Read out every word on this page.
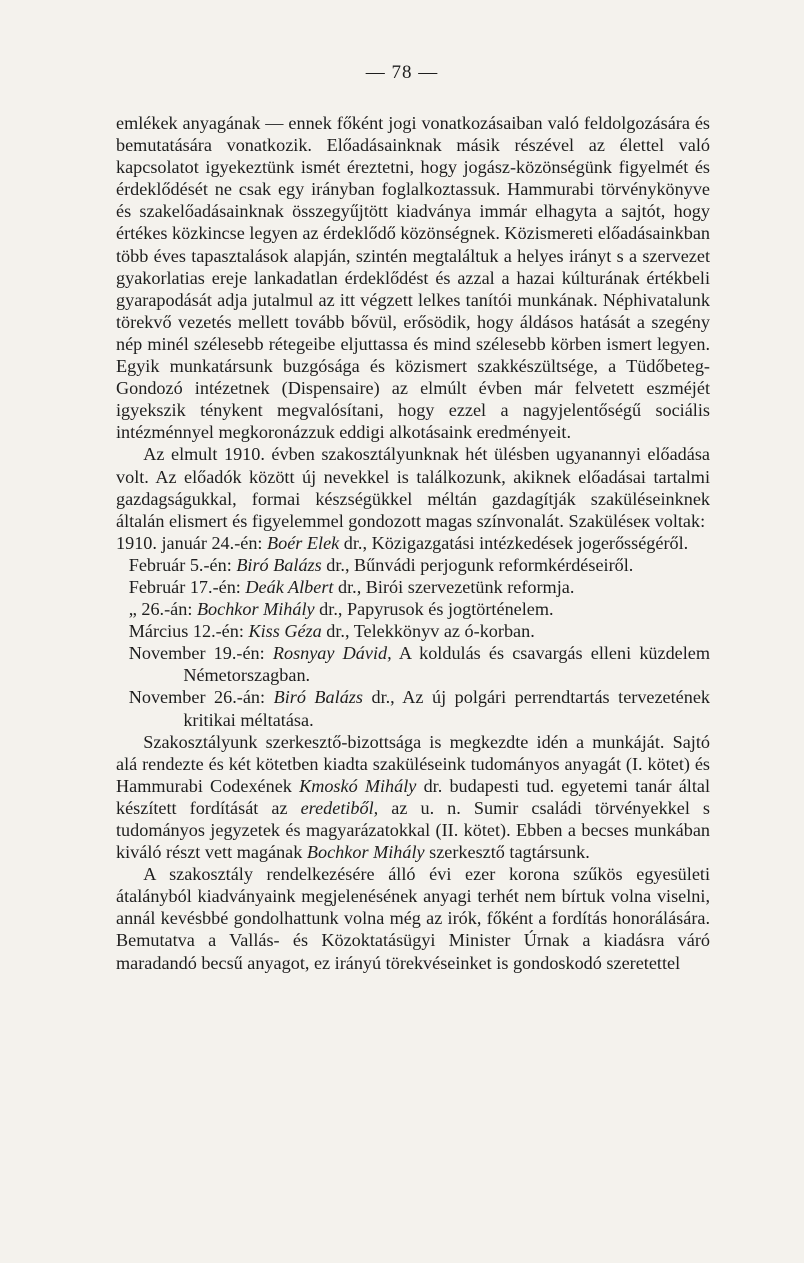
— 78 —

emlékek anyagának — ennek főként jogi vonatkozásaiban való feldolgozására és bemutatására vonatkozik. Előadásainknak másik részével az élettel való kapcsolatot igyekeztünk ismét éreztetni, hogy jogász-közönségünk figyelmét és érdeklődését ne csak egy irányban foglalkoztassuk. Hammurabi törvénykönyve és szakelőadásainknak összegyűjtött kiadványa immár elhagyta a sajtót, hogy értékes közkincse legyen az érdeklődő közönségnek. Közismereti előadásainkban több éves tapasztalások alapján, szintén megtaláltuk a helyes irányt s a szervezet gyakorlatias ereje lankadatlan érdeklődést és azzal a hazai kúlturának értékbeli gyarapodását adja jutalmul az itt végzett lelkes tanítói munkának. Néphivatalunk törekvő vezetés mellett tovább bővül, erősödik, hogy áldásos hatását a szegény nép minél szélesebb rétegeibe eljuttassa és mind szélesebb körben ismert legyen. Egyik munkatársunk buzgósága és közismert szakkészültsége, a Tüdőbeteg-Gondozó intézetnek (Dispensaire) az elmúlt évben már felvetett eszméjét igyekszik ténykent megvalósítani, hogy ezzel a nagyjelentőségű sociális intézménnyel megkoronázzuk eddigi alkotásaink eredményeit.

Az elmult 1910. évben szakosztályunknak hét ülésben ugyanannyi előadása volt. Az előadók között új nevekkel is találkozunk, akiknek előadásai tartalmi gazdagságukkal, formai készségükkel méltán gazdagítják szaküléseinknek általán elismert és figyelemmel gondozott magas színvonalát. Szaküléseк voltak:

1910. január 24.-én: Boér Elek dr., Közigazgatási intézkedések jogerősségéről.
Február 5.-én: Biró Balázs dr., Bűnvádi perjogunk reformkérdéseiről.
Február 17.-én: Deák Albert dr., Birói szervezetünk reformja.
„ 26.-án: Bochkor Mihály dr., Papyrusok és jogtörténelem.
Március 12.-én: Kiss Géza dr., Telekkönyv az ó-korban.
November 19.-én: Rosnyay Dávid, A koldulás és csavargás elleni küzdelem Németorszagban.
November 26.-án: Biró Balázs dr., Az új polgári perrendtartás tervezetének kritikai méltatása.

Szakosztályunk szerkesztő-bizottsága is megkezdte idén a munkáját. Sajtó alá rendezte és két kötetben kiadta szaküléseink tudományos anyagát (I. kötet) és Hammurabi Codexének Kmoskó Mihály dr. budapesti tud. egyetemi tanár által készített fordítását az eredetiből, az u. n. Sumir családi törvényekkel s tudományos jegyzetek és magyarázatokkal (II. kötet). Ebben a becses munkában kiváló részt vett magának Bochkor Mihály szerkesztő tagtársunk.

A szakosztály rendelkezésére álló évi ezer korona szűkös egyesületi átalányból kiadványaink megjelenésének anyagi terhét nem bírtuk volna viselni, annál kevésbbé gondolhattunk volna még az irók, főként a fordítás honorálására. Bemutatva a Vallás- és Közoktatásügyi Minister Úrnak a kiadásra váró maradandó becsű anyagot, ez irányú törekvéseinket is gondoskodó szeretettel
